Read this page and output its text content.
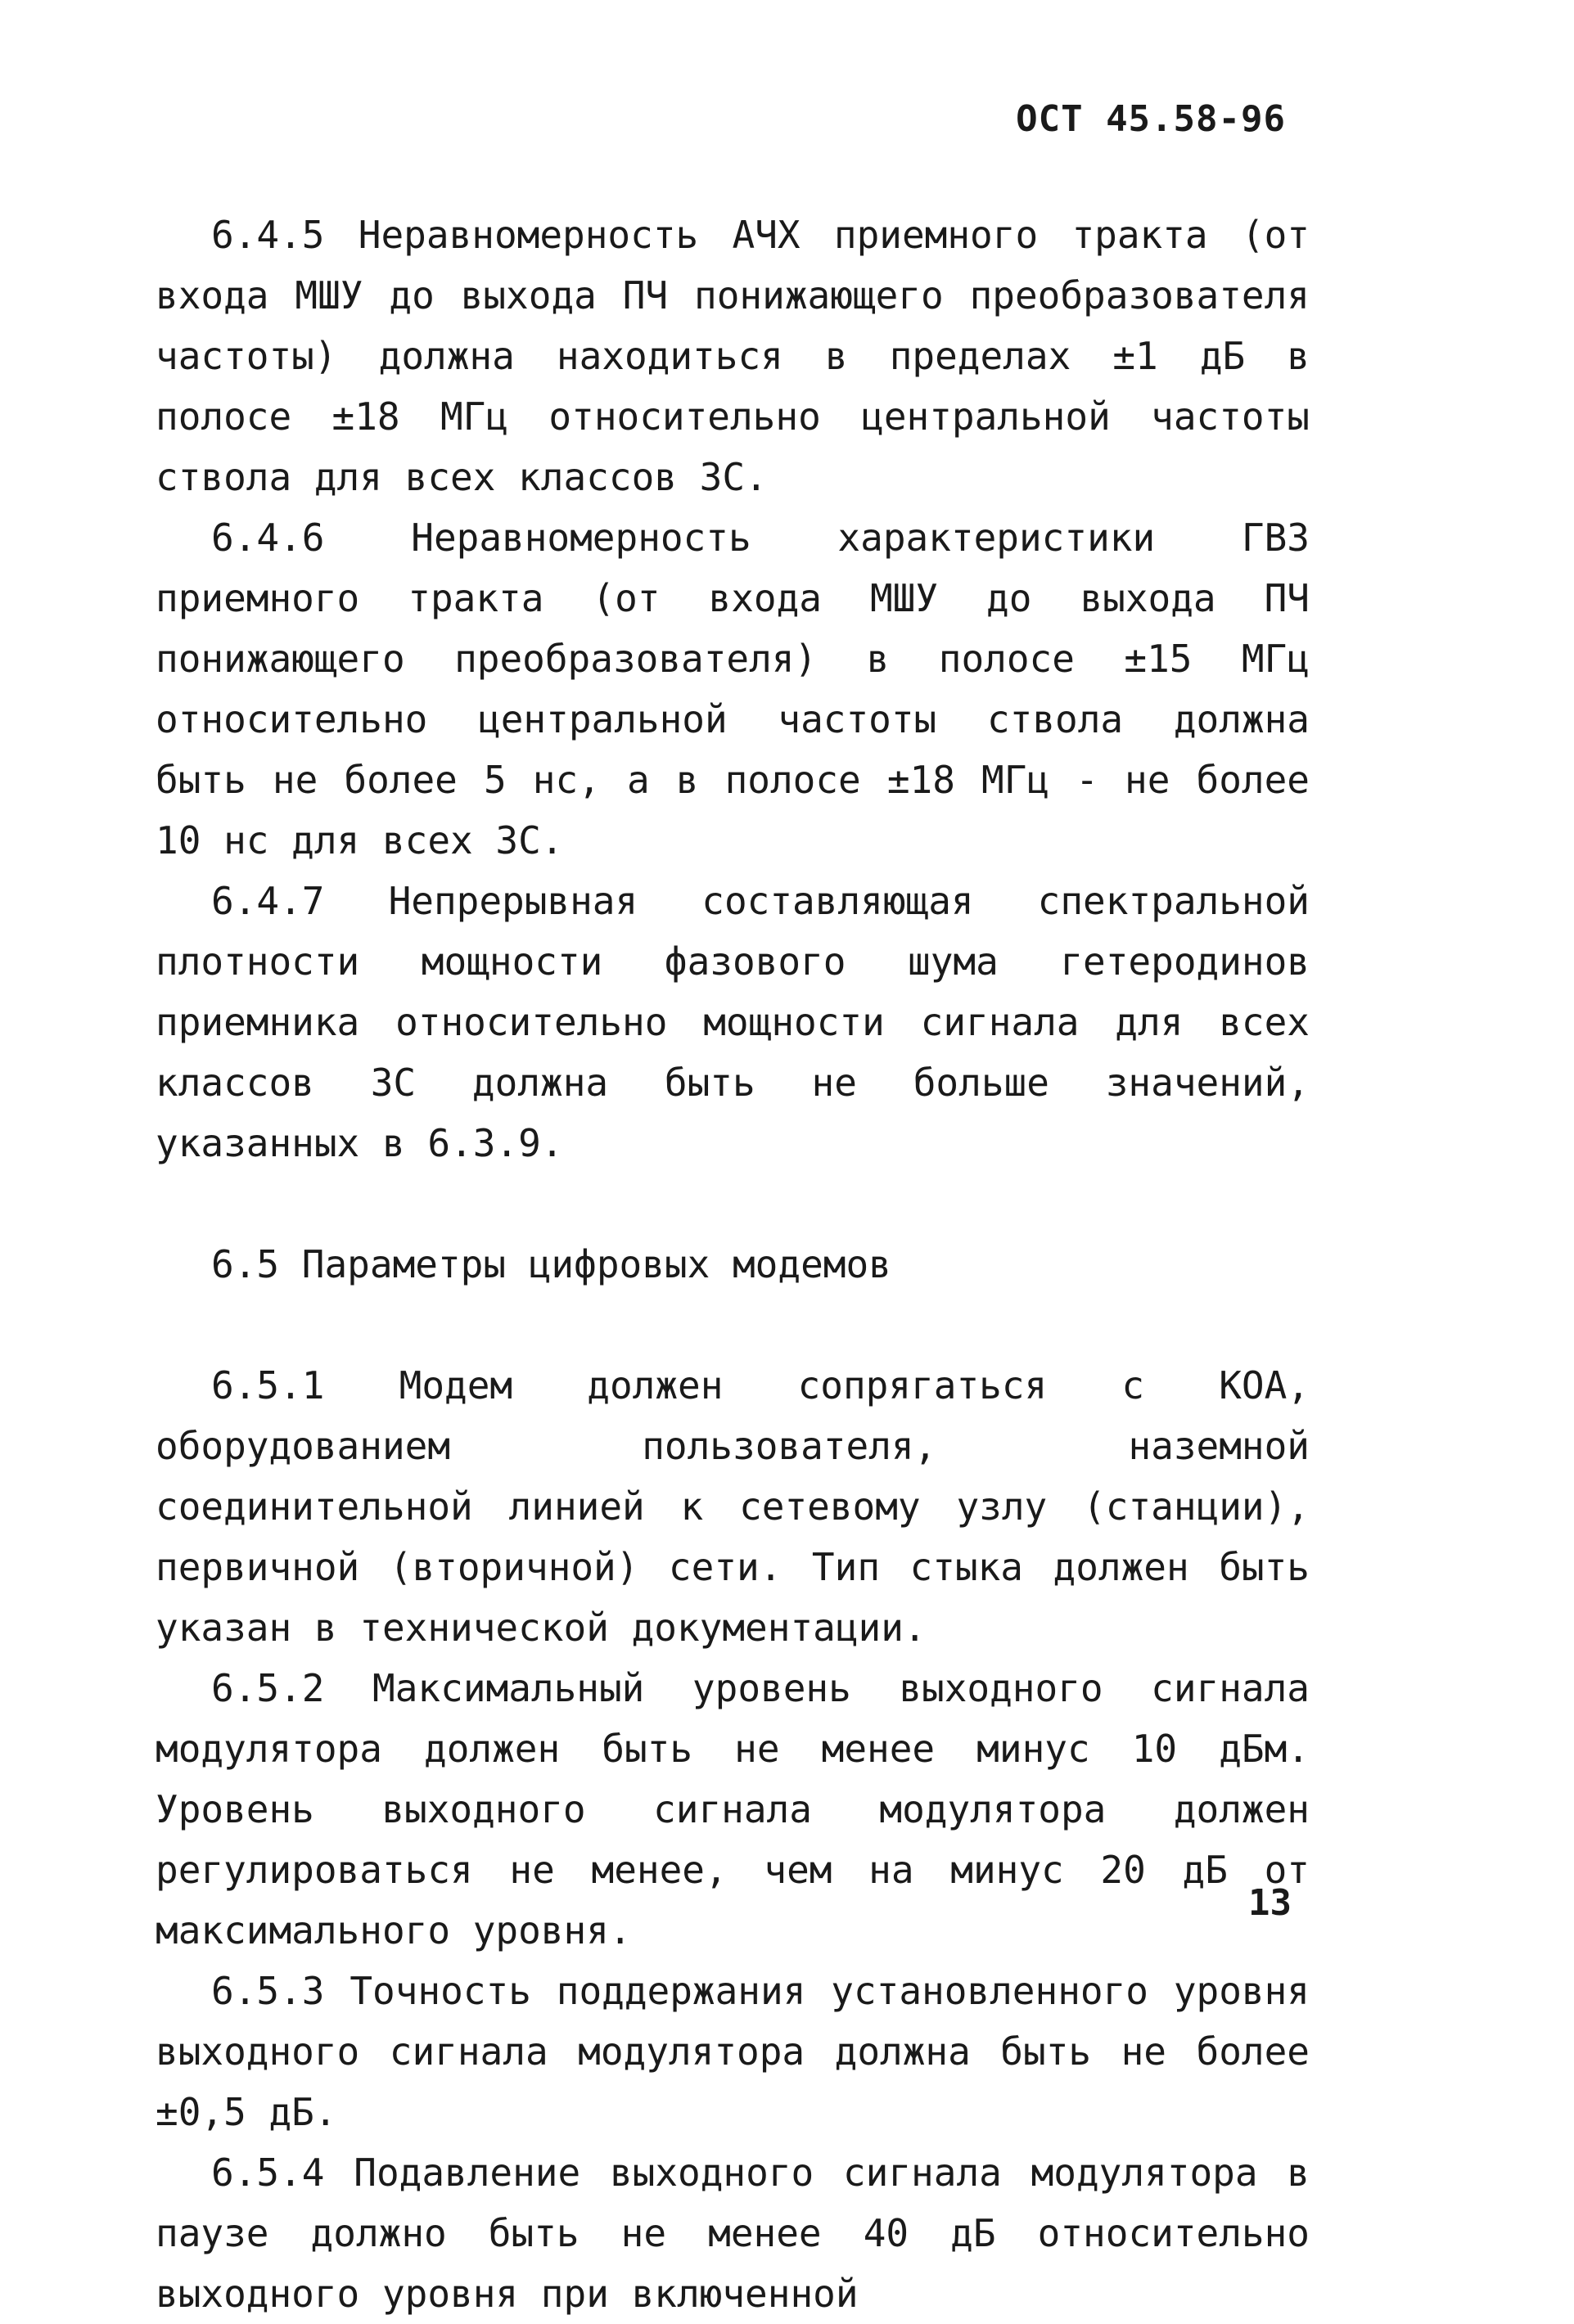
ОСТ 45.58-96

6.4.5 Неравномерность АЧХ приемного тракта (от входа МШУ до выхода ПЧ понижающего преобразователя частоты) должна находиться в пределах ±1 дБ в полосе ±18 МГц относительно центральной частоты ствола для всех классов ЗС.

6.4.6 Неравномерность характеристики ГВЗ приемного тракта (от входа МШУ до выхода ПЧ понижающего преобразователя) в полосе ±15 МГц относительно центральной частоты ствола должна быть не более 5 нс, а в полосе ±18 МГц - не более 10 нс для всех ЗС.

6.4.7 Непрерывная составляющая спектральной плотности мощности фазового шума гетеродинов приемника относительно мощности сигнала для всех классов ЗС должна быть не больше значений, указанных в 6.3.9.

6.5 Параметры цифровых модемов

6.5.1 Модем должен сопрягаться с КОА, оборудованием пользователя, наземной соединительной линией к сетевому узлу (станции), первичной (вторичной) сети. Тип стыка должен быть указан в технической документации.

6.5.2 Максимальный уровень выходного сигнала модулятора должен быть не менее минус 10 дБм. Уровень выходного сигнала модулятора должен регулироваться не менее, чем на минус 20 дБ от максимального уровня.

6.5.3 Точность поддержания установленного уровня выходного сигнала модулятора должна быть не более ±0,5 дБ.

6.5.4 Подавление выходного сигнала модулятора в паузе должно быть не менее 40 дБ относительно выходного уровня при включенной

13
